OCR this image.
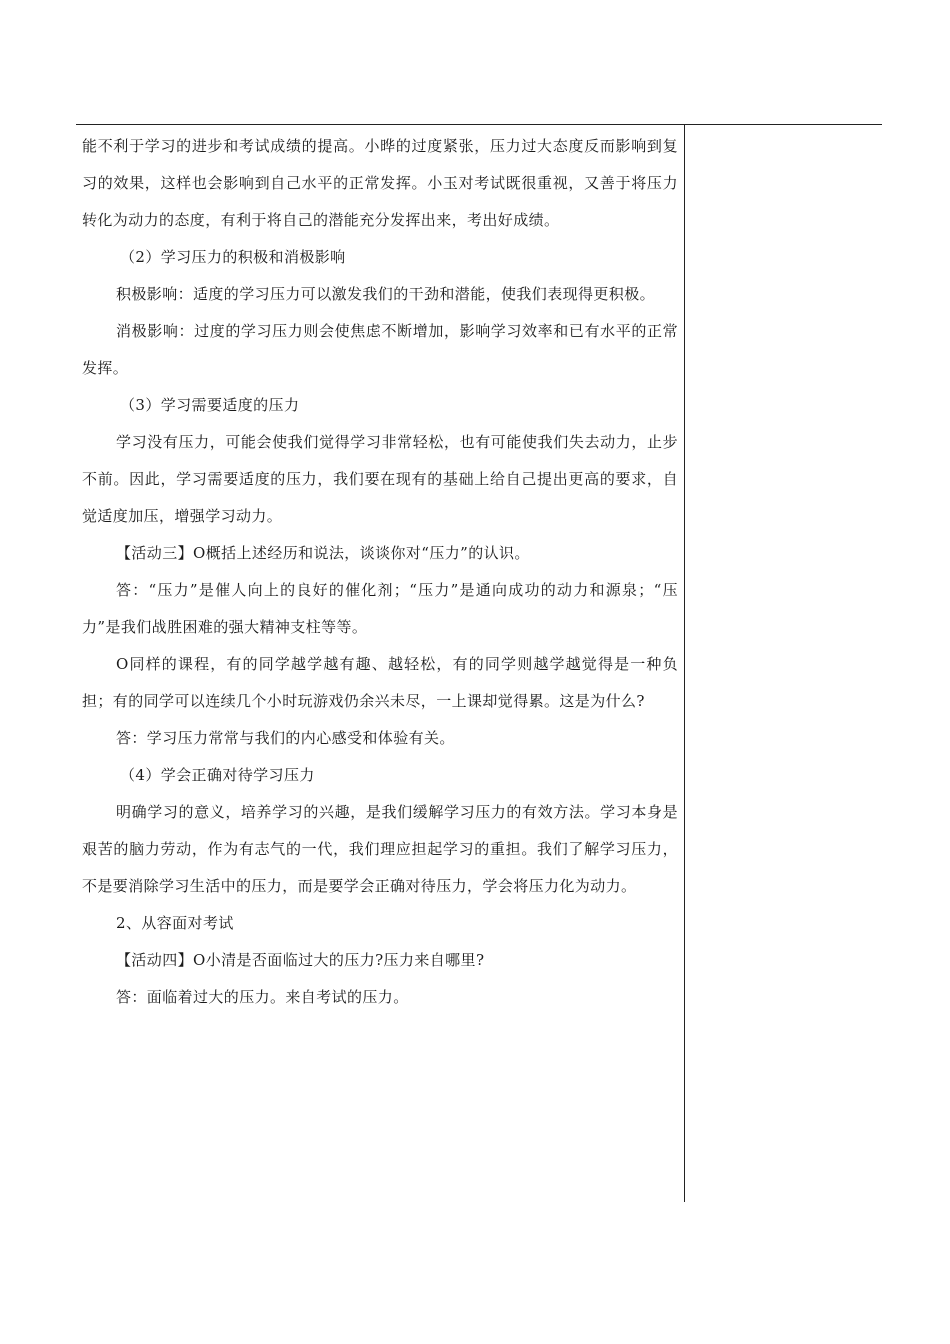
能不利于学习的进步和考试成绩的提高。小晔的过度紧张，压力过大态度反而影响到复习的效果，这样也会影响到自己水平的正常发挥。小玉对考试既很重视，又善于将压力转化为动力的态度，有利于将自己的潜能充分发挥出来，考出好成绩。

（2）学习压力的积极和消极影响

积极影响：适度的学习压力可以激发我们的干劲和潜能，使我们表现得更积极。

消极影响：过度的学习压力则会使焦虑不断增加，影响学习效率和已有水平的正常发挥。

（3）学习需要适度的压力

学习没有压力，可能会使我们觉得学习非常轻松，也有可能使我们失去动力，止步不前。因此，学习需要适度的压力，我们要在现有的基础上给自己提出更高的要求，自觉适度加压，增强学习动力。

【活动三】O概括上述经历和说法，谈谈你对“压力”的认识。

答：“压力”是催人向上的良好的催化剂；“压力”是通向成功的动力和源泉；“压力”是我们战胜困难的强大精神支柱等等。

O同样的课程，有的同学越学越有趣、越轻松，有的同学则越学越觉得是一种负担；有的同学可以连续几个小时玩游戏仍余兴未尽，一上课却觉得累。这是为什么?

答：学习压力常常与我们的内心感受和体验有关。

（4）学会正确对待学习压力

明确学习的意义，培养学习的兴趣，是我们缓解学习压力的有效方法。学习本身是艰苦的脑力劳动，作为有志气的一代，我们理应担起学习的重担。我们了解学习压力，不是要消除学习生活中的压力，而是要学会正确对待压力，学会将压力化为动力。

2、从容面对考试

【活动四】O小清是否面临过大的压力?压力来自哪里?

答：面临着过大的压力。来自考试的压力。
